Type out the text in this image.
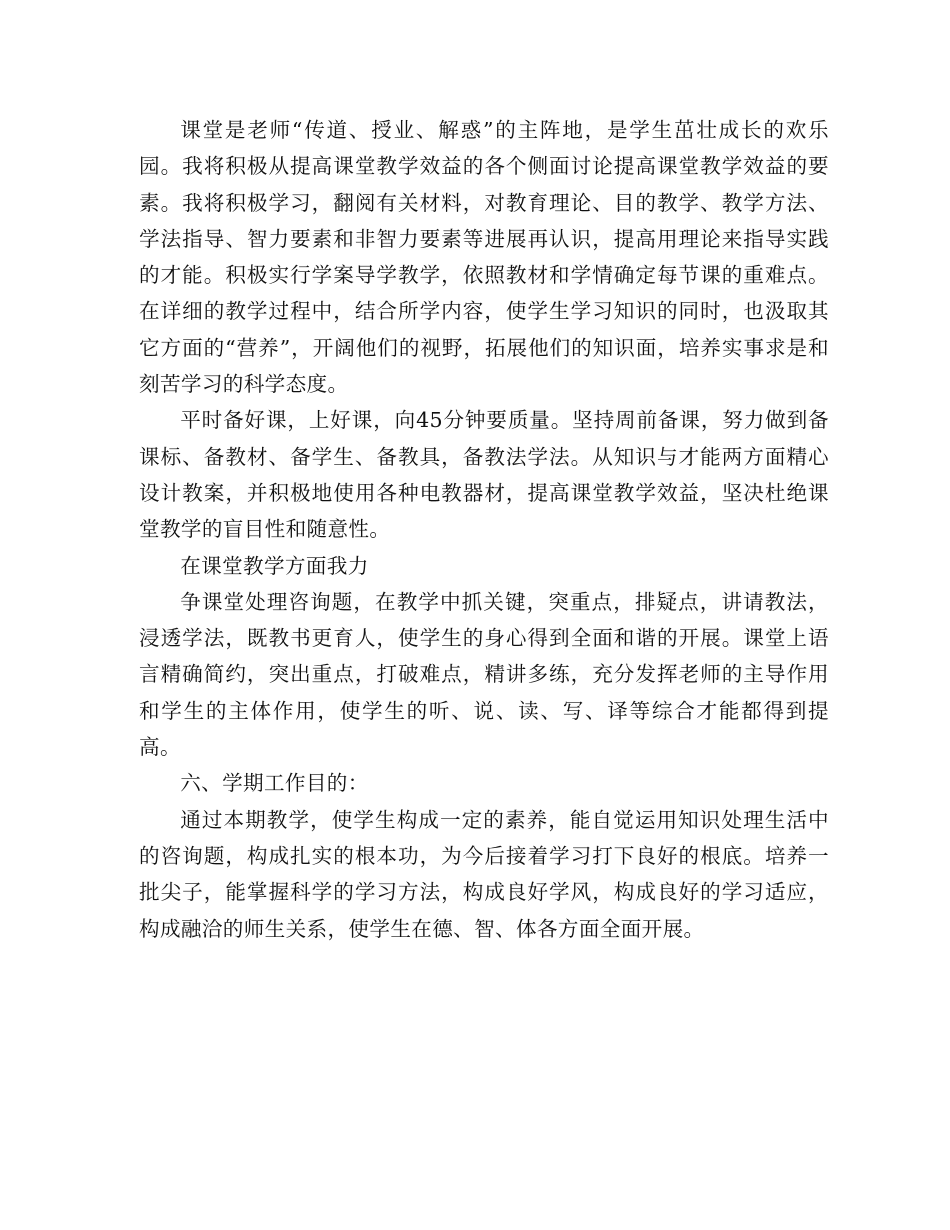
课堂是老师“传道、授业、解惑”的主阵地，是学生茁壮成长的欢乐园。我将积极从提高课堂教学效益的各个侧面讨论提高课堂教学效益的要素。我将积极学习，翻阅有关材料，对教育理论、目的教学、教学方法、学法指导、智力要素和非智力要素等进展再认识，提高用理论来指导实践的才能。积极实行学案导学教学，依照教材和学情确定每节课的重难点。在详细的教学过程中，结合所学内容，使学生学习知识的同时，也汲取其它方面的“营养”，开阔他们的视野，拓展他们的知识面，培养实事求是和刻苦学习的科学态度。

平时备好课，上好课，向45分钟要质量。坚持周前备课，努力做到备课标、备教材、备学生、备教具，备教法学法。从知识与才能两方面精心设计教案，并积极地使用各种电教器材，提高课堂教学效益，坚决杜绝课堂教学的盲目性和随意性。

在课堂教学方面我力

争课堂处理咨询题，在教学中抓关键，突重点，排疑点，讲请教法，浸透学法，既教书更育人，使学生的身心得到全面和谐的开展。课堂上语言精确简约，突出重点，打破难点，精讲多练，充分发挥老师的主导作用和学生的主体作用，使学生的听、说、读、写、译等综合才能都得到提高。

六、学期工作目的：

通过本期教学，使学生构成一定的素养，能自觉运用知识处理生活中的咨询题，构成扎实的根本功，为今后接着学习打下良好的根底。培养一批尖子，能掌握科学的学习方法，构成良好学风，构成良好的学习适应，构成融洽的师生关系，使学生在德、智、体各方面全面开展。
